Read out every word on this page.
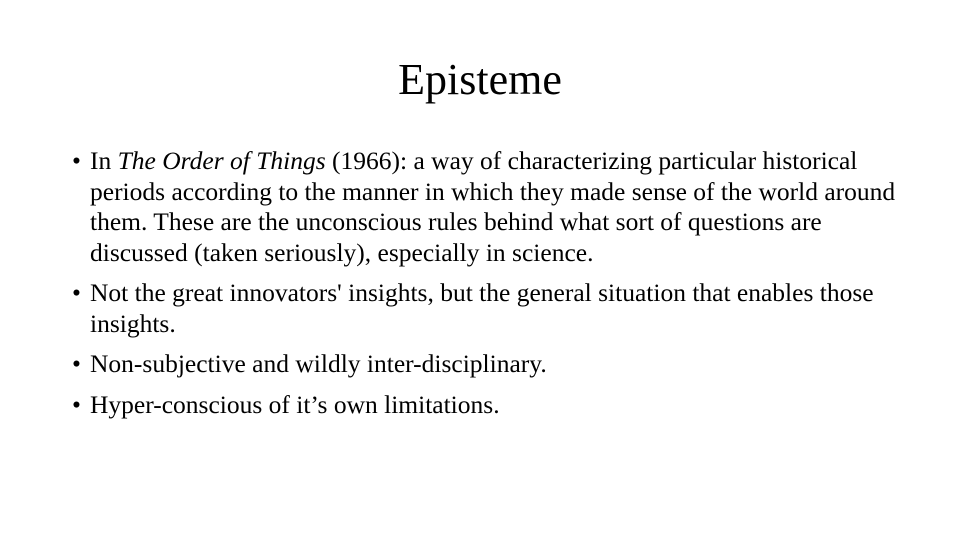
Episteme
• In The Order of Things (1966): a way of characterizing particular historical periods according to the manner in which they made sense of the world around them. These are the unconscious rules behind what sort of questions are discussed (taken seriously), especially in science.
• Not the great innovators' insights, but the general situation that enables those insights.
• Non-subjective and wildly inter-disciplinary.
• Hyper-conscious of it’s own limitations.
